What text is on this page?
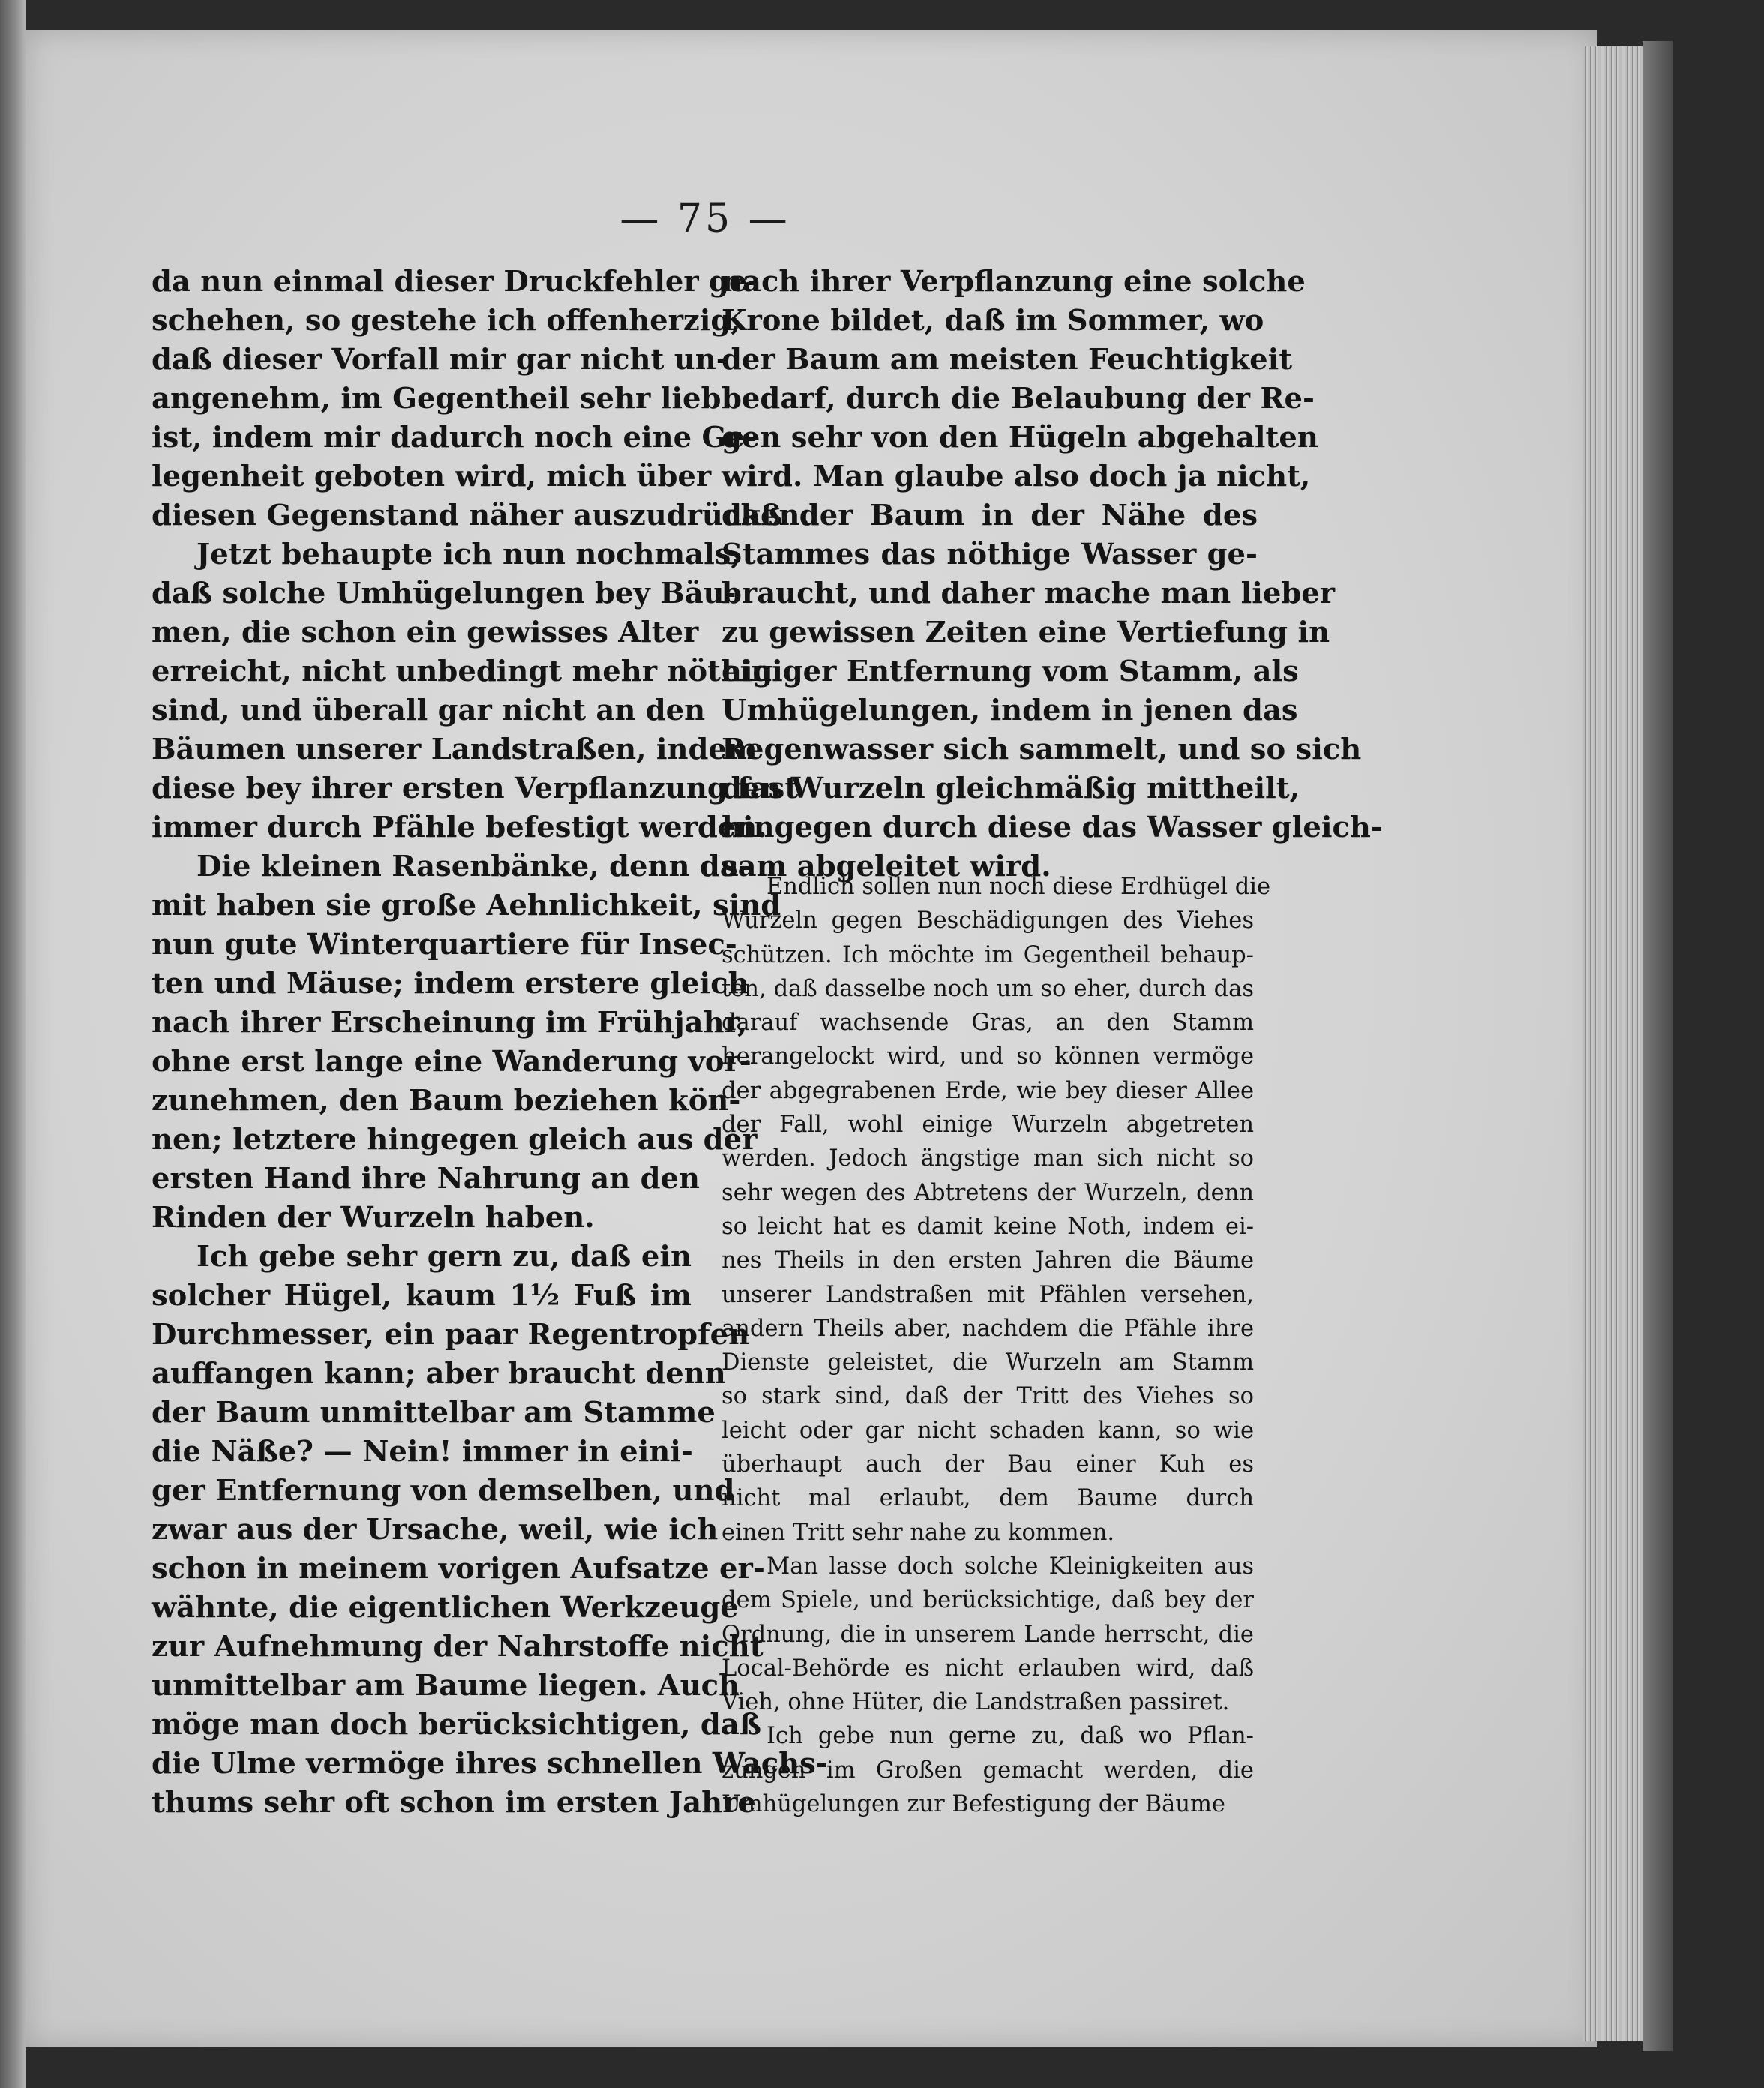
— 75 —
da nun einmal dieser Druckfehler ge-
schehen, so gestehe ich offenherzig,
daß dieser Vorfall mir gar nicht un-
angenehm, im Gegentheil sehr lieb
ist, indem mir dadurch noch eine Ge-
legenheit geboten wird, mich über
diesen Gegenstand näher auszudrücken.
Jetzt behaupte ich nun nochmals,
daß solche Umhügelungen bey Bäu-
men, die schon ein gewisses Alter
erreicht, nicht unbedingt mehr nöthig
sind, und überall gar nicht an den
Bäumen unserer Landstraßen, indem
diese bey ihrer ersten Verpflanzung fast
immer durch Pfähle befestigt werden.
Die kleinen Rasenbänke, denn da-
mit haben sie große Aehnlichkeit, sind
nun gute Winterquartiere für Insec-
ten und Mäuse; indem erstere gleich
nach ihrer Erscheinung im Frühjahr,
ohne erst lange eine Wanderung vor-
zunehmen, den Baum beziehen kön-
nen; letztere hingegen gleich aus der
ersten Hand ihre Nahrung an den
Rinden der Wurzeln haben.
Ich gebe sehr gern zu, daß ein
solcher Hügel, kaum 1½ Fuß im
Durchmesser, ein paar Regentropfen
auffangen kann; aber braucht denn
der Baum unmittelbar am Stamme
die Näße? — Nein! immer in eini-
ger Entfernung von demselben, und
zwar aus der Ursache, weil, wie ich
schon in meinem vorigen Aufsatze er-
wähnte, die eigentlichen Werkzeuge
zur Aufnehmung der Nahrstoffe nicht
unmittelbar am Baume liegen. Auch
möge man doch berücksichtigen, daß
die Ulme vermöge ihres schnellen Wachs-
thums sehr oft schon im ersten Jahre
nach ihrer Verpflanzung eine solche
Krone bildet, daß im Sommer, wo
der Baum am meisten Feuchtigkeit
bedarf, durch die Belaubung der Re-
gen sehr von den Hügeln abgehalten
wird. Man glaube also doch ja nicht,
daß der Baum in der Nähe des
Stammes das nöthige Wasser ge-
braucht, und daher mache man lieber
zu gewissen Zeiten eine Vertiefung in
einiger Entfernung vom Stamm, als
Umhügelungen, indem in jenen das
Regenwasser sich sammelt, und so sich
den Wurzeln gleichmäßig mittheilt,
hingegen durch diese das Wasser gleich-
sam abgeleitet wird.
Endlich sollen nun noch diese Erdhügel die
Wurzeln gegen Beschädigungen des Viehes
schützen. Ich möchte im Gegentheil behaup-
ten, daß dasselbe noch um so eher, durch das
darauf wachsende Gras, an den Stamm
herangelockt wird, und so können vermöge
der abgegrabenen Erde, wie bey dieser Allee
der Fall, wohl einige Wurzeln abgetreten
werden. Jedoch ängstige man sich nicht so
sehr wegen des Abtretens der Wurzeln, denn
so leicht hat es damit keine Noth, indem ei-
nes Theils in den ersten Jahren die Bäume
unserer Landstraßen mit Pfählen versehen,
andern Theils aber, nachdem die Pfähle ihre
Dienste geleistet, die Wurzeln am Stamm
so stark sind, daß der Tritt des Viehes so
leicht oder gar nicht schaden kann, so wie
überhaupt auch der Bau einer Kuh es
nicht mal erlaubt, dem Baume durch
einen Tritt sehr nahe zu kommen.
Man lasse doch solche Kleinigkeiten aus
dem Spiele, und berücksichtige, daß bey der
Ordnung, die in unserem Lande herrscht, die
Local-Behörde es nicht erlauben wird, daß
Vieh, ohne Hüter, die Landstraßen passiret.
Ich gebe nun gerne zu, daß wo Pflan-
zungen im Großen gemacht werden, die
Umhügelungen zur Befestigung der Bäume
